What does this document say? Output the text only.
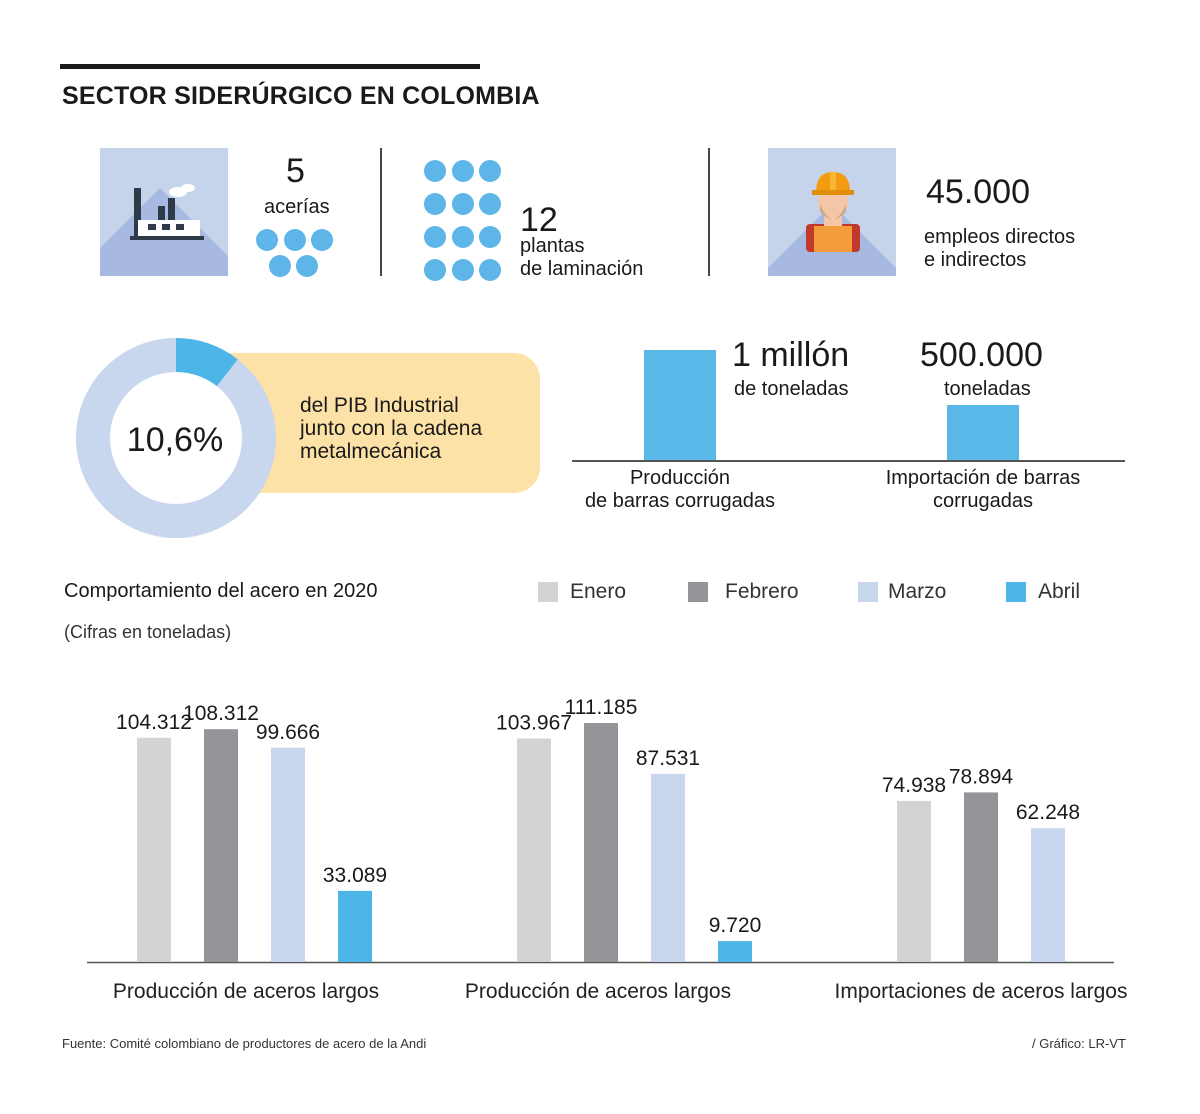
SECTOR SIDERÚRGICO EN COLOMBIA
5
acerías	12
plantas
de laminación
45.000
empleos directos
e indirectos
10,6%
del PIB Industrial
junto con la cadena
metalmecánica
1 millón
de toneladas
500.000
toneladas
Producción
de barras corrugadas
Importación de barras
corrugadas
Comportamiento del acero en 2020
(Cifras en toneladas)
Enero	Febrero	Marzo	Abril
104.312
108.312
99.666
33.089
Producción de aceros largos
103.967
111.185
87.531
9.720
Producción de aceros largos
74.938 78.894
62.248
Importaciones de aceros largos
Fuente: Comité colombiano de productores de acero de la Andi	/ Gráfico: LR-VT
